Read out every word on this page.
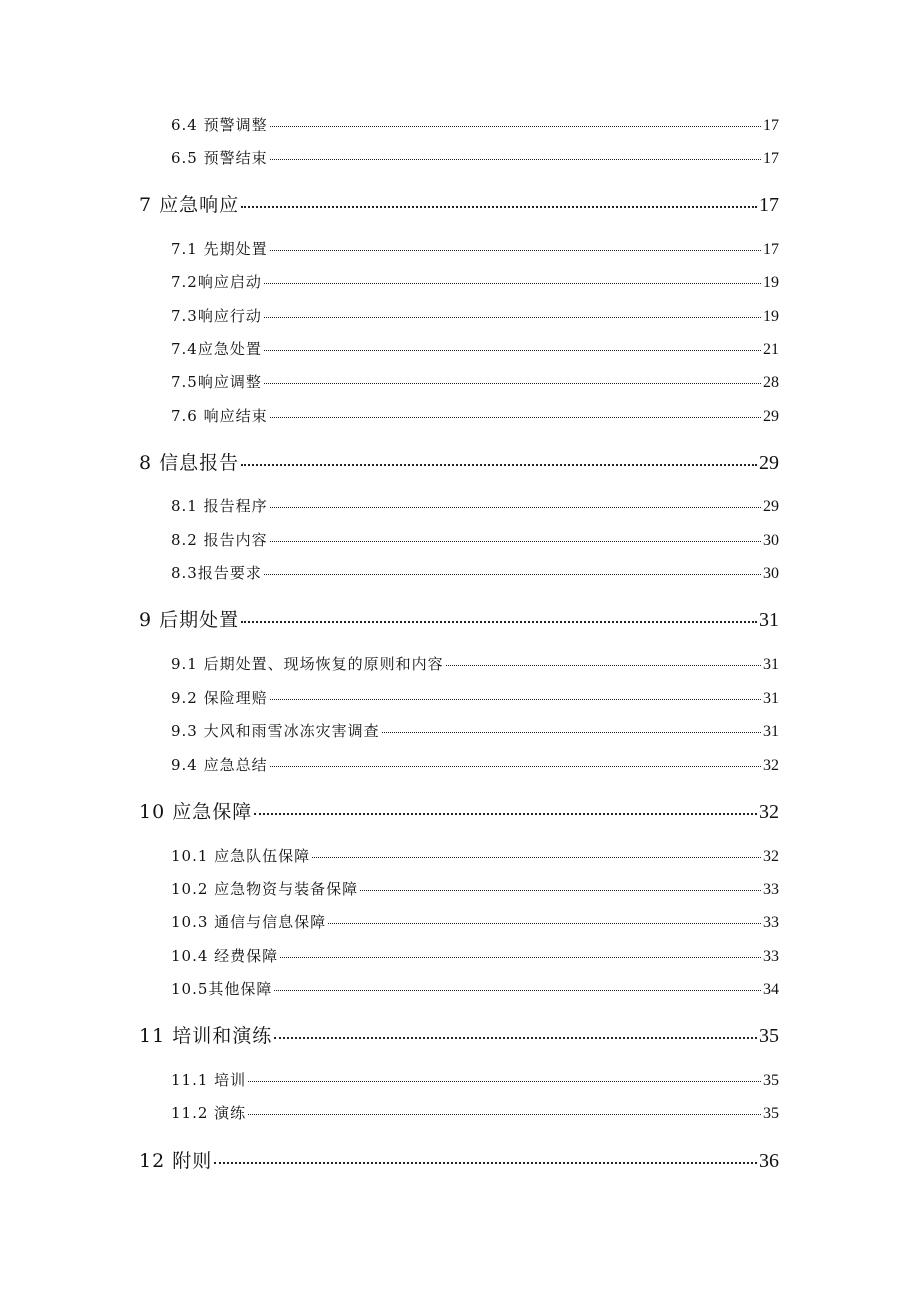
6.4 预警调整	17
6.5 预警结束	17
7 应急响应	17
7.1 先期处置	17
7.2响应启动	19
7.3响应行动	19
7.4应急处置	21
7.5响应调整	28
7.6 响应结束	29
8 信息报告	29
8.1 报告程序	29
8.2 报告内容	30
8.3报告要求	30
9 后期处置	31
9.1 后期处置、现场恢复的原则和内容	31
9.2 保险理赔	31
9.3 大风和雨雪冰冻灾害调查	31
9.4 应急总结	32
10 应急保障	32
10.1 应急队伍保障	32
10.2 应急物资与装备保障	33
10.3 通信与信息保障	33
10.4 经费保障	33
10.5其他保障	34
11 培训和演练	35
11.1 培训	35
11.2 演练	35
12 附则	36
